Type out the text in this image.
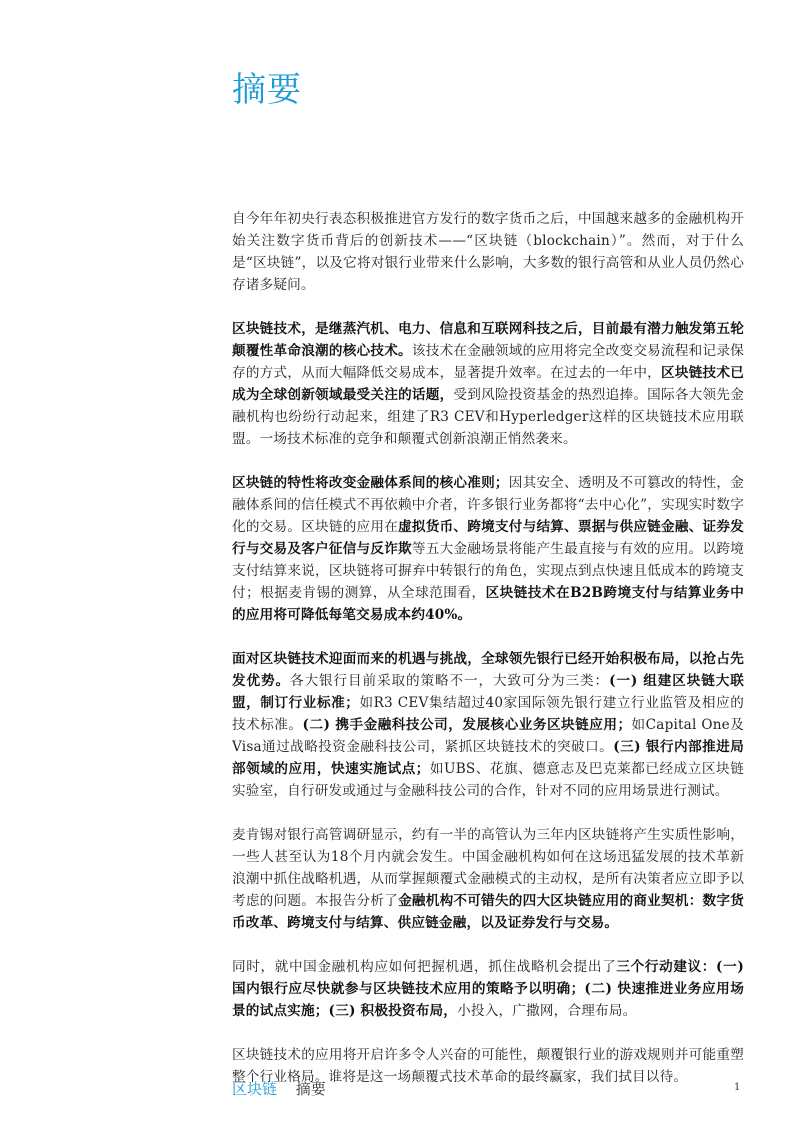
摘要

自今年年初央行表态积极推进官方发行的数字货币之后，中国越来越多的金融机构开始关注数字货币背后的创新技术——“区块链（blockchain）”。然而，对于什么是“区块链”，以及它将对银行业带来什么影响，大多数的银行高管和从业人员仍然心存诸多疑问。

区块链技术，是继蒸汽机、电力、信息和互联网科技之后，目前最有潜力触发第五轮颠覆性革命浪潮的核心技术。该技术在金融领域的应用将完全改变交易流程和记录保存的方式，从而大幅降低交易成本，显著提升效率。在过去的一年中，区块链技术已成为全球创新领域最受关注的话题，受到风险投资基金的热烈追捧。国际各大领先金融机构也纷纷行动起来，组建了R3 CEV和Hyperledger这样的区块链技术应用联盟。一场技术标准的竞争和颠覆式创新浪潮正悄然袭来。

区块链的特性将改变金融体系间的核心准则；因其安全、透明及不可篡改的特性，金融体系间的信任模式不再依赖中介者，许多银行业务都将“去中心化”，实现实时数字化的交易。区块链的应用在虚拟货币、跨境支付与结算、票据与供应链金融、证券发行与交易及客户征信与反诈欺等五大金融场景将能产生最直接与有效的应用。以跨境支付结算来说，区块链将可摒弃中转银行的角色，实现点到点快速且低成本的跨境支付；根据麦肯锡的测算，从全球范围看，区块链技术在B2B跨境支付与结算业务中的应用将可降低每笔交易成本约40%。

面对区块链技术迎面而来的机遇与挑战，全球领先银行已经开始积极布局，以抢占先发优势。各大银行目前采取的策略不一，大致可分为三类：(一) 组建区块链大联盟，制订行业标准；如R3 CEV集结超过40家国际领先银行建立行业监管及相应的技术标准。(二) 携手金融科技公司，发展核心业务区块链应用；如Capital One及Visa通过战略投资金融科技公司，紧抓区块链技术的突破口。(三) 银行内部推进局部领域的应用，快速实施试点；如UBS、花旗、德意志及巴克莱都已经成立区块链实验室，自行研发或通过与金融科技公司的合作，针对不同的应用场景进行测试。

麦肯锡对银行高管调研显示，约有一半的高管认为三年内区块链将产生实质性影响，一些人甚至认为18个月内就会发生。中国金融机构如何在这场迅猛发展的技术革新浪潮中抓住战略机遇，从而掌握颠覆式金融模式的主动权，是所有决策者应立即予以考虑的问题。本报告分析了金融机构不可错失的四大区块链应用的商业契机：数字货币改革、跨境支付与结算、供应链金融，以及证券发行与交易。

同时，就中国金融机构应如何把握机遇，抓住战略机会提出了三个行动建议：(一) 国内银行应尽快就参与区块链技术应用的策略予以明确；(二) 快速推进业务应用场景的试点实施；(三) 积极投资布局，小投入，广撒网，合理布局。

区块链技术的应用将开启许多令人兴奋的可能性，颠覆银行业的游戏规则并可能重塑整个行业格局。谁将是这一场颠覆式技术革命的最终赢家，我们拭目以待。

区块链 摘要	1
